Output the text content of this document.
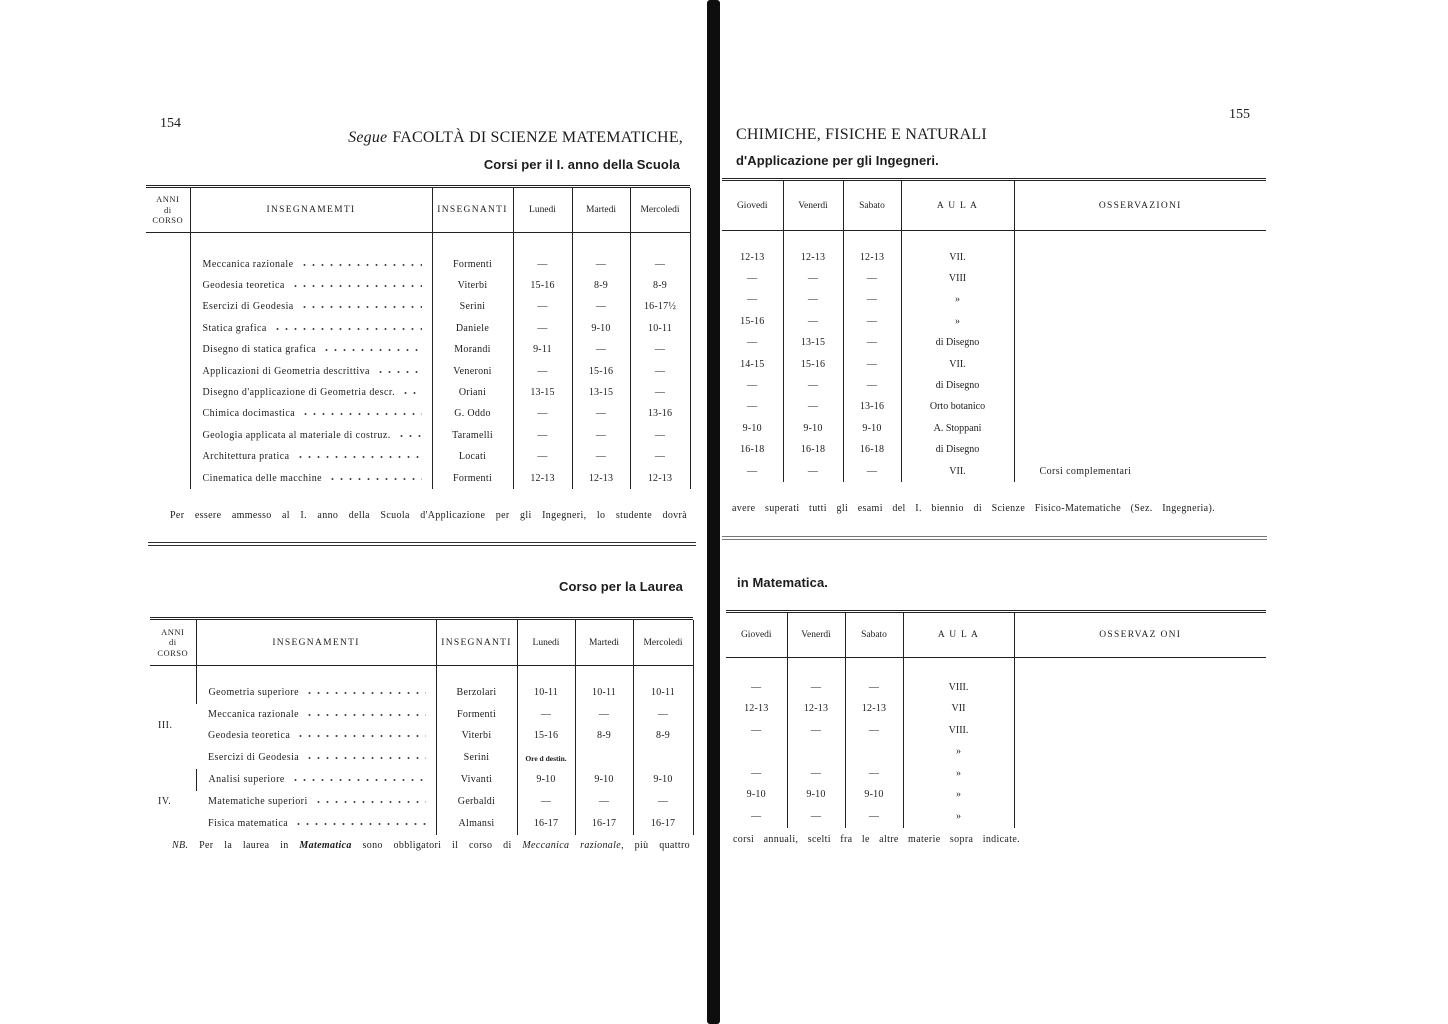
154
155
Segue FACOLTÀ DI SCIENZE MATEMATICHE,	CHIMICHE, FISICHE E NATURALI
Corsi per il I. anno della Scuola	d'Applicazione per gli Ingegneri.
Corso per la Laurea	in Matematica.
ANNI
di
CORSO	INSEGNAMEMTI	INSEGNANTI	Lunedi	Martedi	Mercoledi

	Meccanica razionale	Formenti	—	—	—

	Geodesia teoretica	Viterbi	15-16	8-9	8-9

	Esercizi di Geodesia	Serini	—	—	16-17½

	Statica grafica	Daniele	—	9-10	10-11

	Disegno di statica grafica	Morandi	9-11	—	—

	Applicazioni di Geometria descrittiva	Veneroni	—	15-16	—

	Disegno d'applicazione di Geometria descr.	Oriani	13-15	13-15	—

	Chimica docimastica	G. Oddo	—	—	13-16

	Geologia applicata al materiale di costruz.	Taramelli	—	—	—

	Architettura pratica	Locati	—	—	—

	Cinematica delle macchine	Formenti	12-13	12-13	12-13
Giovedi	Venerdì	Sabato	A U L A	OSSERVAZIONI

12-13	12-13	12-13	VII.	
—	—	—	VIII	
—	—	—	»	
15-16	—	—	»	
—	13-15	—	di Disegno	
14-15	15-16	—	VII.	
—	—	—	di Disegno	
—	—	13-16	Orto botanico	
9-10	9-10	9-10	A. Stoppani	
16-18	16-18	16-18	di Disegno	
—	—	—	VII.	Corsi complementari
Per essere ammesso al I. anno della Scuola d'Applicazione per gli Ingegneri, lo studente dovrà
avere superati tutti gli esami del I. biennio di Scienze Fisico-Matematiche (Sez. Ingegneria).
ANNI
di
CORSO	INSEGNAMENTI	INSEGNANTI	Lunedi	Martedi	Mercoledi

III.	Geometria superiore	Berzolari	10-11	10-11	10-11

	Meccanica razionale	Formenti	—	—	—

	Geodesia teoretica	Viterbi	15-16	8-9	8-9

	Esercizi di Geodesia	Serini	Ore d destin.		
IV.	Analisi superiore	Vivanti	9-10	9-10	9-10

	Matematiche superiori	Gerbaldi	—	—	—

	Fisica matematica	Almansi	16-17	16-17	16-17
Giovedi	Venerdì	Sabato	A U L A	OSSERVAZ ONI

—	—	—	VIII.	
12-13	12-13	12-13	VII	
—	—	—	VIII.	
			»	
—	—	—	»	
9-10	9-10	9-10	»	
—	—	—	»	
NB. Per la laurea in Matematica sono obbligatori il corso di Meccanica razionale, più quattro
corsi annuali, scelti fra le altre materie sopra indicate.
